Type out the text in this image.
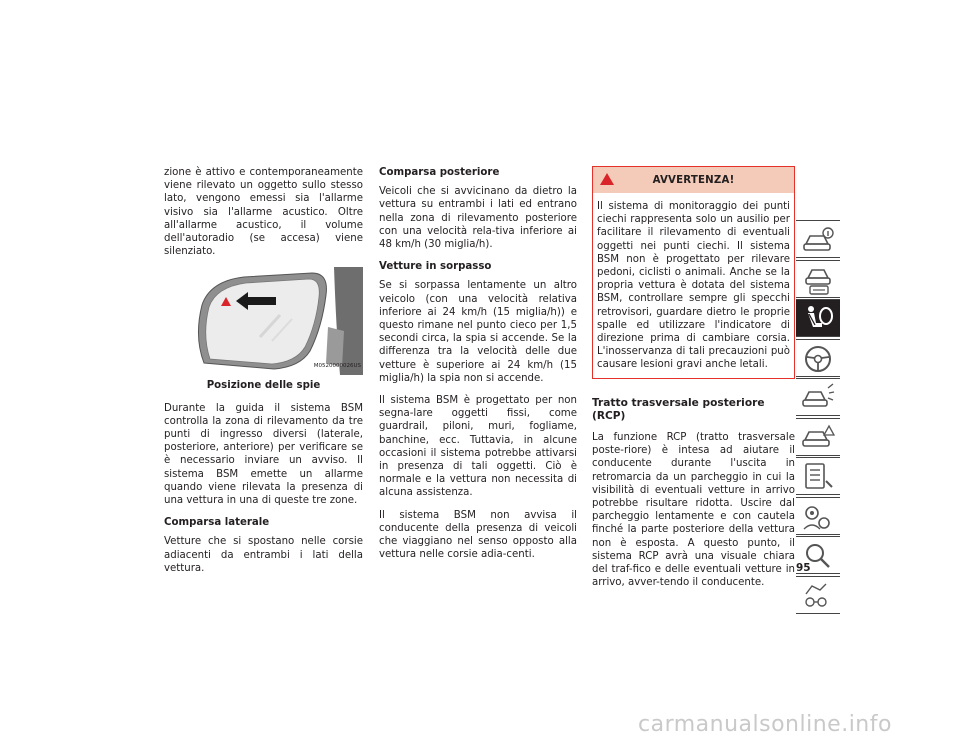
zione è attivo e contemporaneamente viene rilevato un oggetto sullo stesso lato, vengono emessi sia l'allarme visivo sia l'allarme acustico. Oltre all'allarme acustico, il volume dell'autoradio (se accesa) viene silenziato.

M0520000026US
Posizione delle spie

Durante la guida il sistema BSM controlla la zona di rilevamento da tre punti di ingresso diversi (laterale, posteriore, anteriore) per verificare se è necessario inviare un avviso. Il sistema BSM emette un allarme quando viene rilevata la presenza di una vettura in una di queste tre zone.

Comparsa laterale

Vetture che si spostano nelle corsie adiacenti da entrambi i lati della vettura.

Comparsa posteriore

Veicoli che si avvicinano da dietro la vettura su entrambi i lati ed entrano nella zona di rilevamento posteriore con una velocità rela-tiva inferiore ai 48 km/h (30 miglia/h).

Vetture in sorpasso

Se si sorpassa lentamente un altro veicolo (con una velocità relativa inferiore ai 24 km/h (15 miglia/h)) e questo rimane nel punto cieco per 1,5 secondi circa, la spia si accende. Se la differenza tra la velocità delle due vetture è superiore ai 24 km/h (15 miglia/h) la spia non si accende.

Il sistema BSM è progettato per non segna-lare oggetti fissi, come guardrail, piloni, muri, fogliame, banchine, ecc. Tuttavia, in alcune occasioni il sistema potrebbe attivarsi in presenza di tali oggetti. Ciò è normale e la vettura non necessita di alcuna assistenza.

Il sistema BSM non avvisa il conducente della presenza di veicoli che viaggiano nel senso opposto alla vettura nelle corsie adia-centi.

AVVERTENZA!
Il sistema di monitoraggio dei punti ciechi rappresenta solo un ausilio per facilitare il rilevamento di eventuali oggetti nei punti ciechi. Il sistema BSM non è progettato per rilevare pedoni, ciclisti o animali. Anche se la propria vettura è dotata del sistema BSM, controllare sempre gli specchi retrovisori, guardare dietro le proprie spalle ed utilizzare l'indicatore di direzione prima di cambiare corsia. L'inosservanza di tali precauzioni può causare lesioni gravi anche letali.
Tratto trasversale posteriore (RCP)

La funzione RCP (tratto trasversale poste-riore) è intesa ad aiutare il conducente durante l'uscita in retromarcia da un parcheggio in cui la visibilità di eventuali vetture in arrivo potrebbe risultare ridotta. Uscire dal parcheggio lentamente e con cautela finché la parte posteriore della vettura non è esposta. A questo punto, il sistema RCP avrà una visuale chiara del traf-fico e delle eventuali vetture in arrivo, avver-tendo il conducente.

95
carmanualsonline.info
